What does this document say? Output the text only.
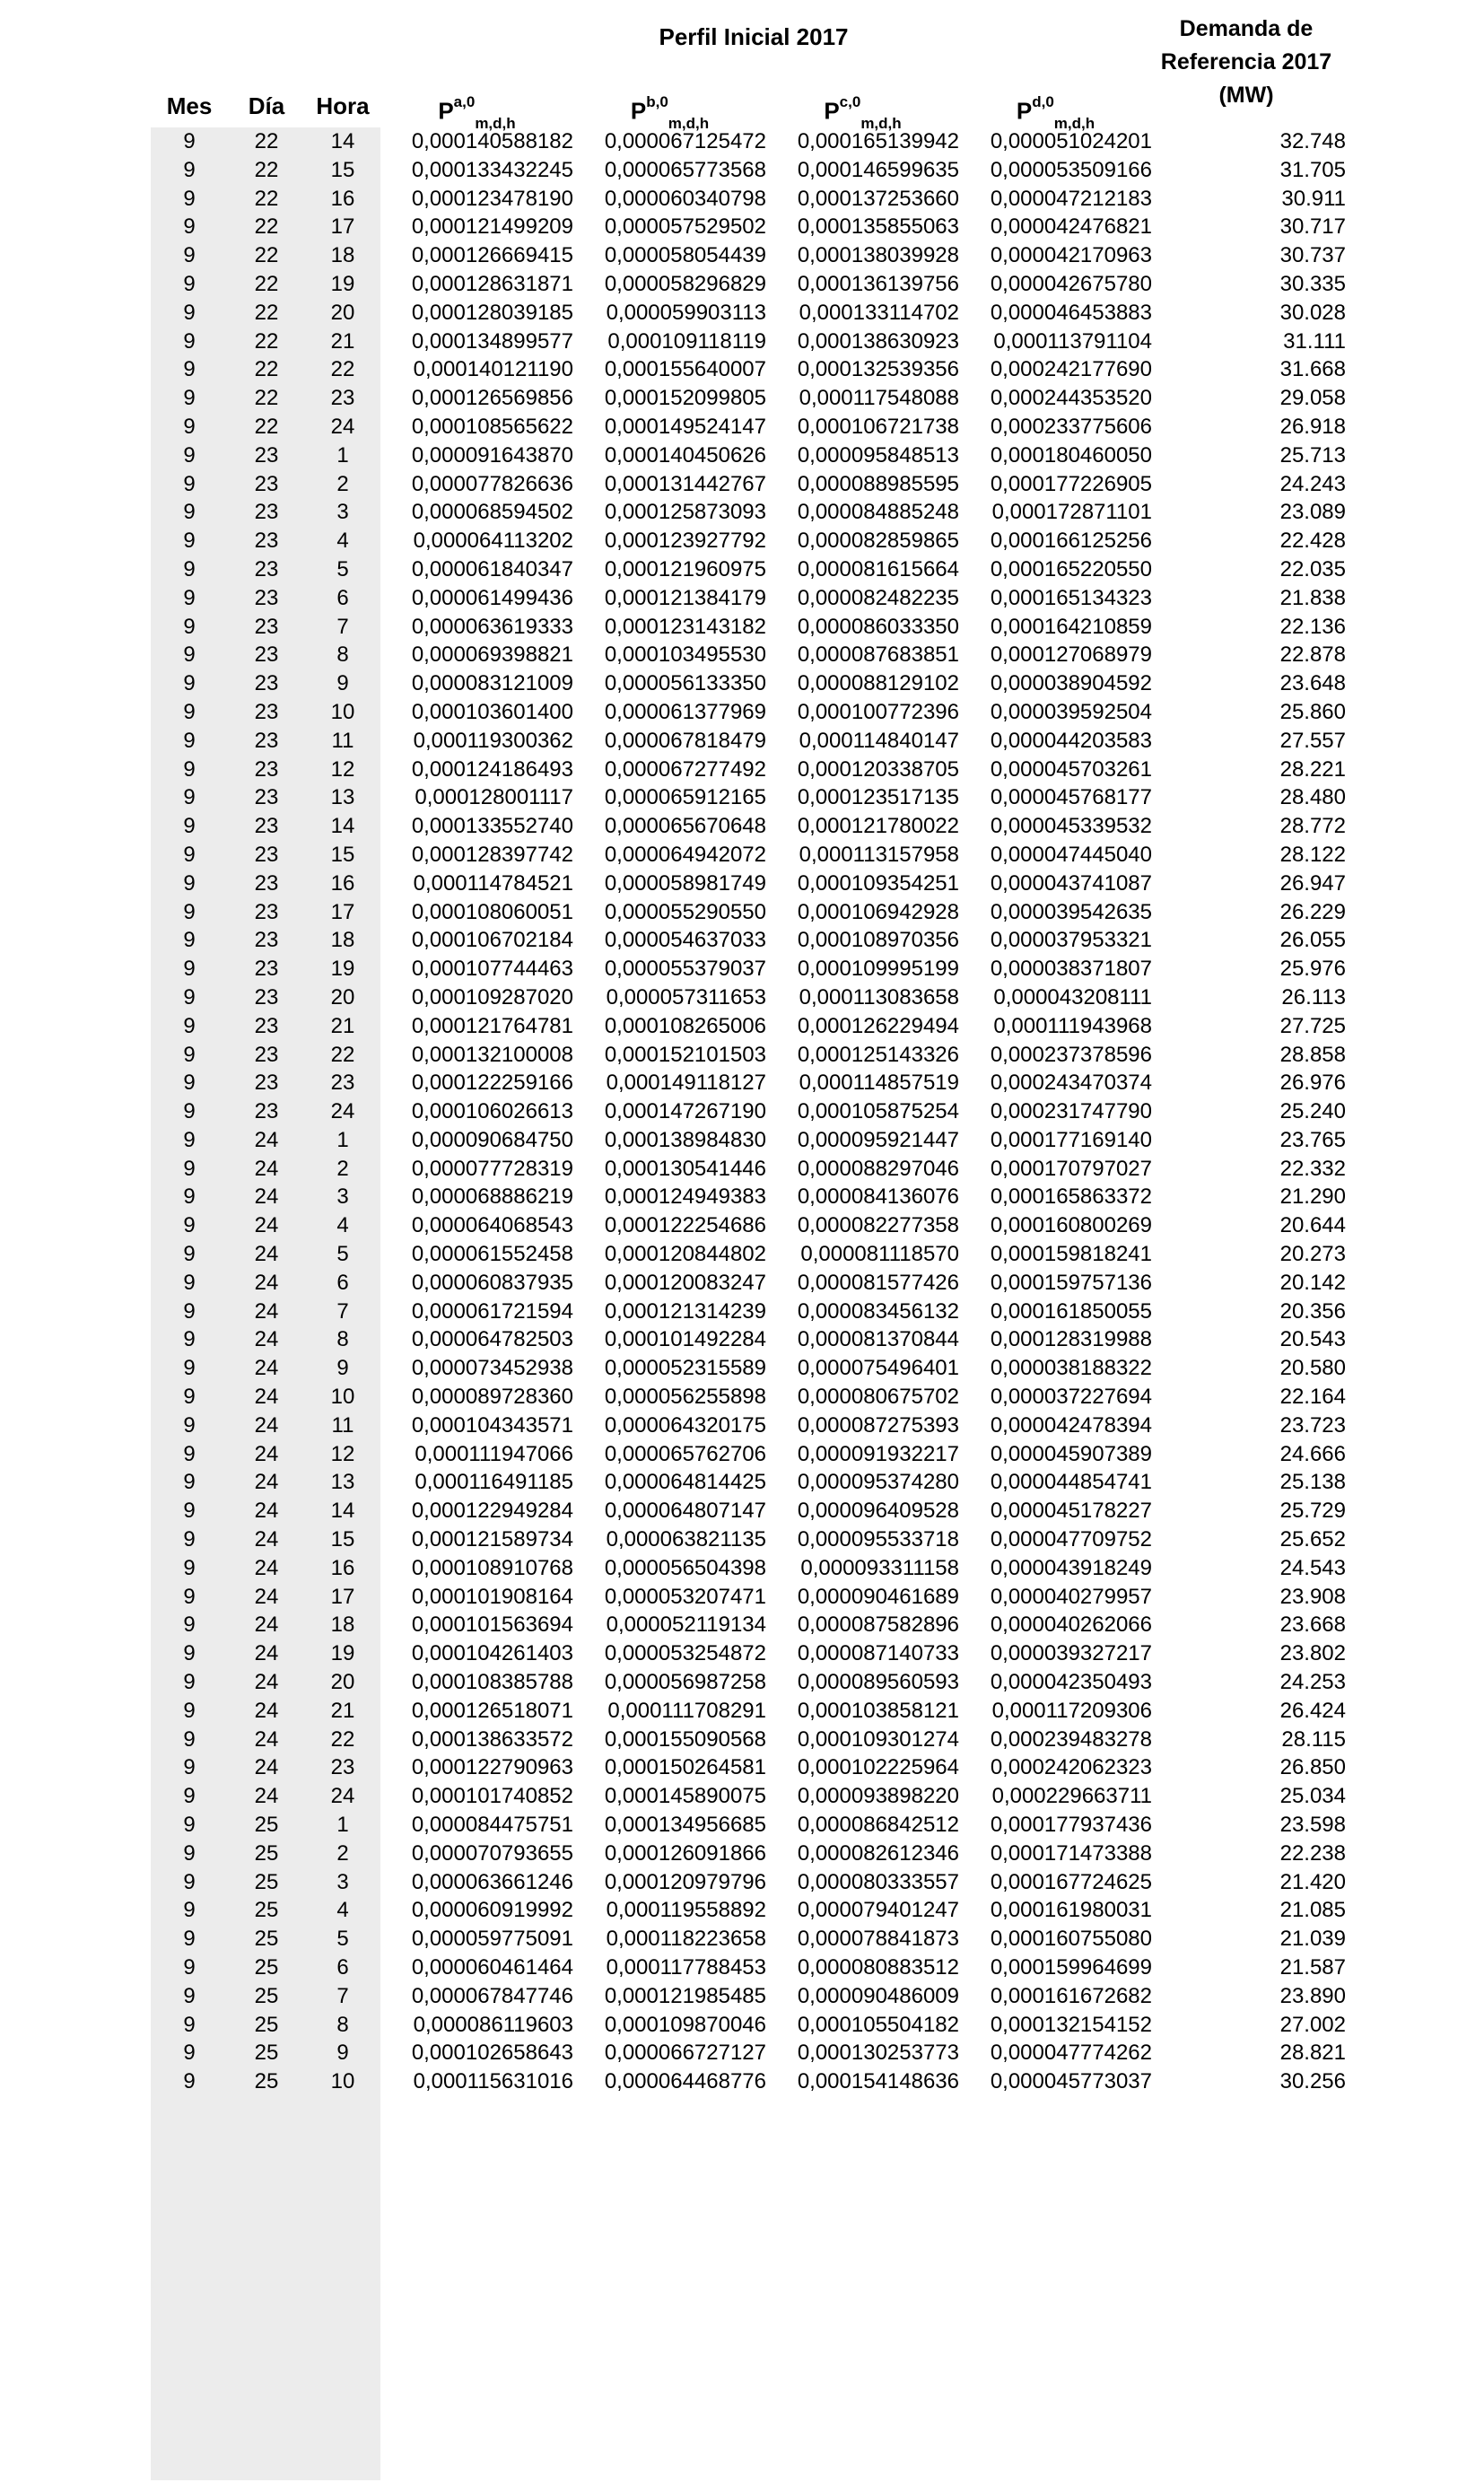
Perfil Inicial 2017	Demanda de
Referencia 2017
(MW)
Mes	Día	Hora	P$^{a,0}_{m,d,h}$	P$^{b,0}_{m,d,h}$	P$^{c,0}_{m,d,h}$	P$^{d,0}_{m,d,h}$
9	22	14	0,000140588182	0,000067125472	0,000165139942	0,000051024201	32.748
9	22	15	0,000133432245	0,000065773568	0,000146599635	0,000053509166	31.705
9	22	16	0,000123478190	0,000060340798	0,000137253660	0,000047212183	30.911
9	22	17	0,000121499209	0,000057529502	0,000135855063	0,000042476821	30.717
9	22	18	0,000126669415	0,000058054439	0,000138039928	0,000042170963	30.737
9	22	19	0,000128631871	0,000058296829	0,000136139756	0,000042675780	30.335
9	22	20	0,000128039185	0,000059903113	0,000133114702	0,000046453883	30.028
9	22	21	0,000134899577	0,000109118119	0,000138630923	0,000113791104	31.111
9	22	22	0,000140121190	0,000155640007	0,000132539356	0,000242177690	31.668
9	22	23	0,000126569856	0,000152099805	0,000117548088	0,000244353520	29.058
9	22	24	0,000108565622	0,000149524147	0,000106721738	0,000233775606	26.918
9	23	1	0,000091643870	0,000140450626	0,000095848513	0,000180460050	25.713
9	23	2	0,000077826636	0,000131442767	0,000088985595	0,000177226905	24.243
9	23	3	0,000068594502	0,000125873093	0,000084885248	0,000172871101	23.089
9	23	4	0,000064113202	0,000123927792	0,000082859865	0,000166125256	22.428
9	23	5	0,000061840347	0,000121960975	0,000081615664	0,000165220550	22.035
9	23	6	0,000061499436	0,000121384179	0,000082482235	0,000165134323	21.838
9	23	7	0,000063619333	0,000123143182	0,000086033350	0,000164210859	22.136
9	23	8	0,000069398821	0,000103495530	0,000087683851	0,000127068979	22.878
9	23	9	0,000083121009	0,000056133350	0,000088129102	0,000038904592	23.648
9	23	10	0,000103601400	0,000061377969	0,000100772396	0,000039592504	25.860
9	23	11	0,000119300362	0,000067818479	0,000114840147	0,000044203583	27.557
9	23	12	0,000124186493	0,000067277492	0,000120338705	0,000045703261	28.221
9	23	13	0,000128001117	0,000065912165	0,000123517135	0,000045768177	28.480
9	23	14	0,000133552740	0,000065670648	0,000121780022	0,000045339532	28.772
9	23	15	0,000128397742	0,000064942072	0,000113157958	0,000047445040	28.122
9	23	16	0,000114784521	0,000058981749	0,000109354251	0,000043741087	26.947
9	23	17	0,000108060051	0,000055290550	0,000106942928	0,000039542635	26.229
9	23	18	0,000106702184	0,000054637033	0,000108970356	0,000037953321	26.055
9	23	19	0,000107744463	0,000055379037	0,000109995199	0,000038371807	25.976
9	23	20	0,000109287020	0,000057311653	0,000113083658	0,000043208111	26.113
9	23	21	0,000121764781	0,000108265006	0,000126229494	0,000111943968	27.725
9	23	22	0,000132100008	0,000152101503	0,000125143326	0,000237378596	28.858
9	23	23	0,000122259166	0,000149118127	0,000114857519	0,000243470374	26.976
9	23	24	0,000106026613	0,000147267190	0,000105875254	0,000231747790	25.240
9	24	1	0,000090684750	0,000138984830	0,000095921447	0,000177169140	23.765
9	24	2	0,000077728319	0,000130541446	0,000088297046	0,000170797027	22.332
9	24	3	0,000068886219	0,000124949383	0,000084136076	0,000165863372	21.290
9	24	4	0,000064068543	0,000122254686	0,000082277358	0,000160800269	20.644
9	24	5	0,000061552458	0,000120844802	0,000081118570	0,000159818241	20.273
9	24	6	0,000060837935	0,000120083247	0,000081577426	0,000159757136	20.142
9	24	7	0,000061721594	0,000121314239	0,000083456132	0,000161850055	20.356
9	24	8	0,000064782503	0,000101492284	0,000081370844	0,000128319988	20.543
9	24	9	0,000073452938	0,000052315589	0,000075496401	0,000038188322	20.580
9	24	10	0,000089728360	0,000056255898	0,000080675702	0,000037227694	22.164
9	24	11	0,000104343571	0,000064320175	0,000087275393	0,000042478394	23.723
9	24	12	0,000111947066	0,000065762706	0,000091932217	0,000045907389	24.666
9	24	13	0,000116491185	0,000064814425	0,000095374280	0,000044854741	25.138
9	24	14	0,000122949284	0,000064807147	0,000096409528	0,000045178227	25.729
9	24	15	0,000121589734	0,000063821135	0,000095533718	0,000047709752	25.652
9	24	16	0,000108910768	0,000056504398	0,000093311158	0,000043918249	24.543
9	24	17	0,000101908164	0,000053207471	0,000090461689	0,000040279957	23.908
9	24	18	0,000101563694	0,000052119134	0,000087582896	0,000040262066	23.668
9	24	19	0,000104261403	0,000053254872	0,000087140733	0,000039327217	23.802
9	24	20	0,000108385788	0,000056987258	0,000089560593	0,000042350493	24.253
9	24	21	0,000126518071	0,000111708291	0,000103858121	0,000117209306	26.424
9	24	22	0,000138633572	0,000155090568	0,000109301274	0,000239483278	28.115
9	24	23	0,000122790963	0,000150264581	0,000102225964	0,000242062323	26.850
9	24	24	0,000101740852	0,000145890075	0,000093898220	0,000229663711	25.034
9	25	1	0,000084475751	0,000134956685	0,000086842512	0,000177937436	23.598
9	25	2	0,000070793655	0,000126091866	0,000082612346	0,000171473388	22.238
9	25	3	0,000063661246	0,000120979796	0,000080333557	0,000167724625	21.420
9	25	4	0,000060919992	0,000119558892	0,000079401247	0,000161980031	21.085
9	25	5	0,000059775091	0,000118223658	0,000078841873	0,000160755080	21.039
9	25	6	0,000060461464	0,000117788453	0,000080883512	0,000159964699	21.587
9	25	7	0,000067847746	0,000121985485	0,000090486009	0,000161672682	23.890
9	25	8	0,000086119603	0,000109870046	0,000105504182	0,000132154152	27.002
9	25	9	0,000102658643	0,000066727127	0,000130253773	0,000047774262	28.821
9	25	10	0,000115631016	0,000064468776	0,000154148636	0,000045773037	30.256
